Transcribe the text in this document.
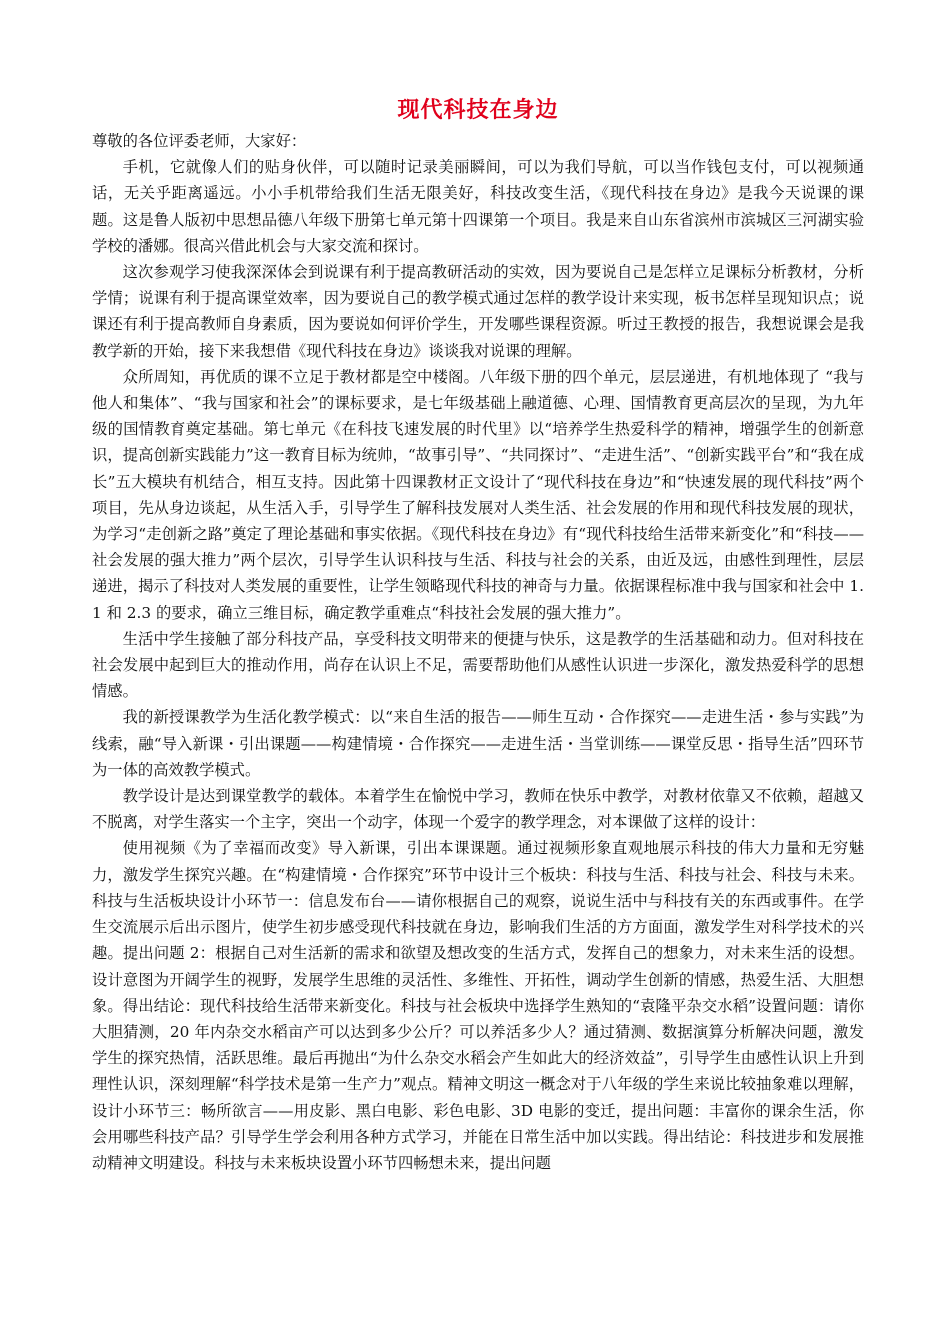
现代科技在身边

尊敬的各位评委老师，大家好：

手机，它就像人们的贴身伙伴，可以随时记录美丽瞬间，可以为我们导航，可以当作钱包支付，可以视频通话，无关乎距离遥远。小小手机带给我们生活无限美好，科技改变生活，《现代科技在身边》是我今天说课的课题。这是鲁人版初中思想品德八年级下册第七单元第十四课第一个项目。我是来自山东省滨州市滨城区三河湖实验学校的潘娜。很高兴借此机会与大家交流和探讨。

这次参观学习使我深深体会到说课有利于提高教研活动的实效，因为要说自己是怎样立足课标分析教材，分析学情；说课有利于提高课堂效率，因为要说自己的教学模式通过怎样的教学设计来实现，板书怎样呈现知识点；说课还有利于提高教师自身素质，因为要说如何评价学生，开发哪些课程资源。听过王教授的报告，我想说课会是我教学新的开始，接下来我想借《现代科技在身边》谈谈我对说课的理解。

众所周知，再优质的课不立足于教材都是空中楼阁。八年级下册的四个单元，层层递进，有机地体现了 “我与他人和集体”、“我与国家和社会”的课标要求，是七年级基础上融道德、心理、国情教育更高层次的呈现，为九年级的国情教育奠定基础。第七单元《在科技飞速发展的时代里》以“培养学生热爱科学的精神，增强学生的创新意识，提高创新实践能力”这一教育目标为统帅，“故事引导”、“共同探讨”、“走进生活”、“创新实践平台”和“我在成长”五大模块有机结合，相互支持。因此第十四课教材正文设计了“现代科技在身边”和“快速发展的现代科技”两个项目，先从身边谈起，从生活入手，引导学生了解科技发展对人类生活、社会发展的作用和现代科技发展的现状，为学习“走创新之路”奠定了理论基础和事实依据。《现代科技在身边》有“现代科技给生活带来新变化”和“科技——社会发展的强大推力”两个层次，引导学生认识科技与生活、科技与社会的关系，由近及远，由感性到理性，层层递进，揭示了科技对人类发展的重要性，让学生领略现代科技的神奇与力量。依据课程标准中我与国家和社会中 1.1 和 2.3 的要求，确立三维目标，确定教学重难点“科技社会发展的强大推力”。

生活中学生接触了部分科技产品，享受科技文明带来的便捷与快乐，这是教学的生活基础和动力。但对科技在社会发展中起到巨大的推动作用，尚存在认识上不足，需要帮助他们从感性认识进一步深化，激发热爱科学的思想情感。

我的新授课教学为生活化教学模式：以“来自生活的报告——师生互动・合作探究——走进生活・参与实践”为线索，融“导入新课・引出课题——构建情境・合作探究——走进生活・当堂训练——课堂反思・指导生活”四环节为一体的高效教学模式。

教学设计是达到课堂教学的载体。本着学生在愉悦中学习，教师在快乐中教学，对教材依靠又不依赖，超越又不脱离，对学生落实一个主字，突出一个动字，体现一个爱字的教学理念，对本课做了这样的设计：

使用视频《为了幸福而改变》导入新课，引出本课课题。通过视频形象直观地展示科技的伟大力量和无穷魅力，激发学生探究兴趣。在“构建情境・合作探究”环节中设计三个板块：科技与生活、科技与社会、科技与未来。科技与生活板块设计小环节一：信息发布台——请你根据自己的观察，说说生活中与科技有关的东西或事件。在学生交流展示后出示图片，使学生初步感受现代科技就在身边，影响我们生活的方方面面，激发学生对科学技术的兴趣。提出问题 2：根据自己对生活新的需求和欲望及想改变的生活方式，发挥自己的想象力，对未来生活的设想。设计意图为开阔学生的视野，发展学生思维的灵活性、多维性、开拓性，调动学生创新的情感，热爱生活、大胆想象。得出结论：现代科技给生活带来新变化。科技与社会板块中选择学生熟知的“袁隆平杂交水稻”设置问题：请你大胆猜测，20 年内杂交水稻亩产可以达到多少公斤？可以养活多少人？通过猜测、数据演算分析解决问题，激发学生的探究热情，活跃思维。最后再抛出“为什么杂交水稻会产生如此大的经济效益”，引导学生由感性认识上升到理性认识，深刻理解“科学技术是第一生产力”观点。精神文明这一概念对于八年级的学生来说比较抽象难以理解，设计小环节三：畅所欲言——用皮影、黑白电影、彩色电影、3D 电影的变迁，提出问题：丰富你的课余生活，你会用哪些科技产品？引导学生学会利用各种方式学习，并能在日常生活中加以实践。得出结论：科技进步和发展推动精神文明建设。科技与未来板块设置小环节四畅想未来，提出问题
